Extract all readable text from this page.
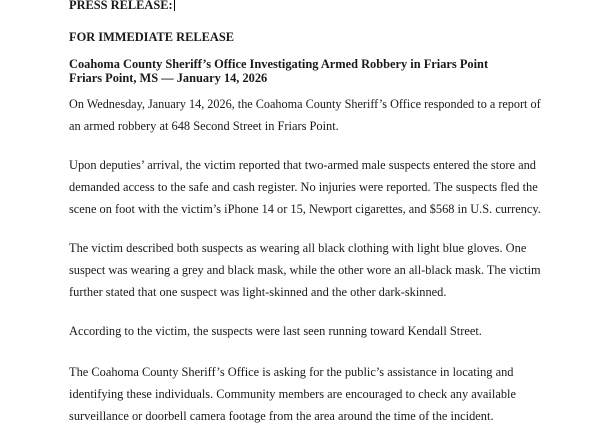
PRESS RELEASE:
FOR IMMEDIATE RELEASE
Coahoma County Sheriff’s Office Investigating Armed Robbery in Friars Point
Friars Point, MS — January 14, 2026
On Wednesday, January 14, 2026, the Coahoma County Sheriff’s Office responded to a report of
an armed robbery at 648 Second Street in Friars Point.
Upon deputies’ arrival, the victim reported that two-armed male suspects entered the store and
demanded access to the safe and cash register. No injuries were reported. The suspects fled the
scene on foot with the victim’s iPhone 14 or 15, Newport cigarettes, and $568 in U.S. currency.
The victim described both suspects as wearing all black clothing with light blue gloves. One
suspect was wearing a grey and black mask, while the other wore an all-black mask. The victim
further stated that one suspect was light-skinned and the other dark-skinned.
According to the victim, the suspects were last seen running toward Kendall Street.
The Coahoma County Sheriff’s Office is asking for the public’s assistance in locating and
identifying these individuals. Community members are encouraged to check any available
surveillance or doorbell camera footage from the area around the time of the incident.
